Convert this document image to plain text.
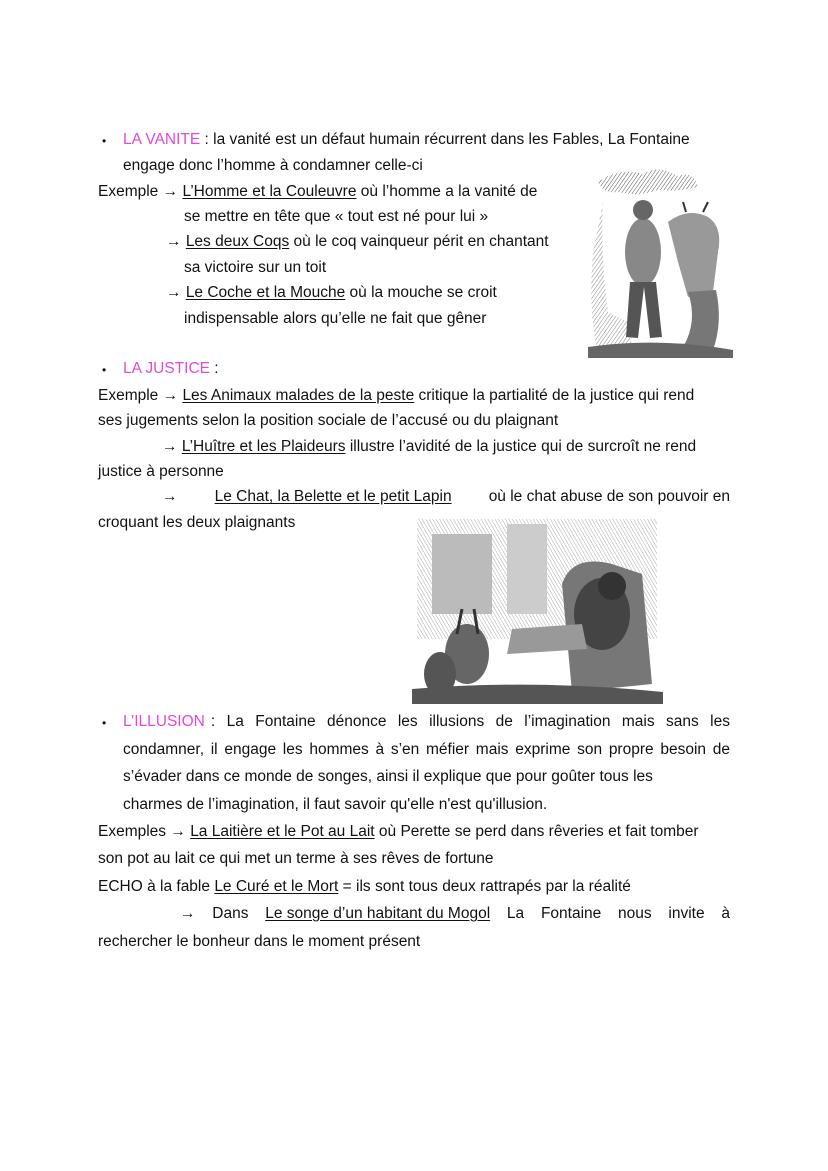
• LA VANITE : la vanité est un défaut humain récurrent dans les Fables, La Fontaine
engage donc l’homme à condamner celle-ci
Exemple → L’Homme et la Couleuvre où l’homme a la vanité de
se mettre en tête que « tout est né pour lui »
→ Les deux Coqs où le coq vainqueur périt en chantant
sa victoire sur un toit
→ Le Coche et la Mouche où la mouche se croit
indispensable alors qu’elle ne fait que gêner
• LA JUSTICE :
Exemple → Les Animaux malades de la peste critique la partialité de la justice qui rend
ses jugements selon la position sociale de l’accusé ou du plaignant
→ L’Huître et les Plaideurs illustre l’avidité de la justice qui de surcroît ne rend
justice à personne
→ Le Chat, la Belette et le petit Lapin où le chat abuse de son pouvoir en
croquant les deux plaignants
• L’ILLUSION : La Fontaine dénonce les illusions de l’imagination mais sans les
condamner, il engage les hommes à s’en méfier mais exprime son propre besoin de
s’évader dans ce monde de songes, ainsi il explique que pour goûter tous les
charmes de l’imagination, il faut savoir qu'elle n'est qu'illusion.
Exemples → La Laitière et le Pot au Lait où Perette se perd dans rêveries et fait tomber
son pot au lait ce qui met un terme à ses rêves de fortune
ECHO à la fable Le Curé et le Mort = ils sont tous deux rattrapés par la réalité
→ Dans Le songe d’un habitant du Mogol La Fontaine nous invite à
rechercher le bonheur dans le moment présent
